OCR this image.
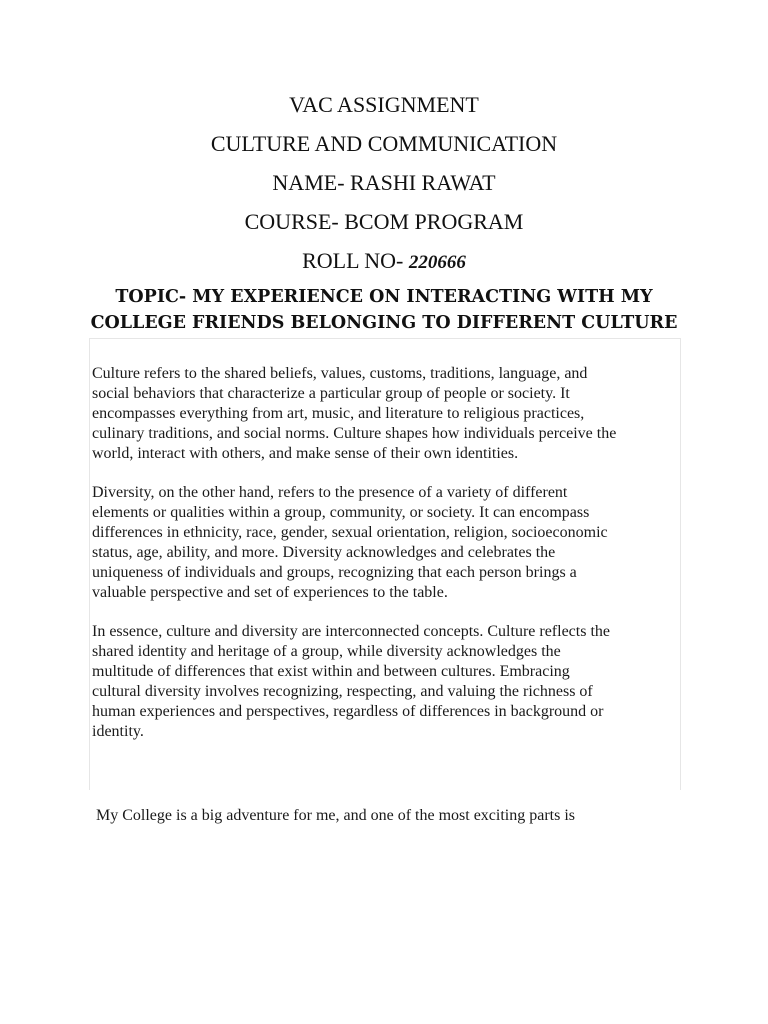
VAC ASSIGNMENT
CULTURE AND COMMUNICATION
NAME- RASHI RAWAT
COURSE- BCOM PROGRAM
ROLL NO- 220666
TOPIC- MY EXPERIENCE ON INTERACTING WITH MY
COLLEGE FRIENDS BELONGING TO DIFFERENT CULTURE

Culture refers to the shared beliefs, values, customs, traditions, language, and
social behaviors that characterize a particular group of people or society. It
encompasses everything from art, music, and literature to religious practices,
culinary traditions, and social norms. Culture shapes how individuals perceive the
world, interact with others, and make sense of their own identities.

Diversity, on the other hand, refers to the presence of a variety of different
elements or qualities within a group, community, or society. It can encompass
differences in ethnicity, race, gender, sexual orientation, religion, socioeconomic
status, age, ability, and more. Diversity acknowledges and celebrates the
uniqueness of individuals and groups, recognizing that each person brings a
valuable perspective and set of experiences to the table.

In essence, culture and diversity are interconnected concepts. Culture reflects the
shared identity and heritage of a group, while diversity acknowledges the
multitude of differences that exist within and between cultures. Embracing
cultural diversity involves recognizing, respecting, and valuing the richness of
human experiences and perspectives, regardless of differences in background or
identity.

My College is a big adventure for me, and one of the most exciting parts is
